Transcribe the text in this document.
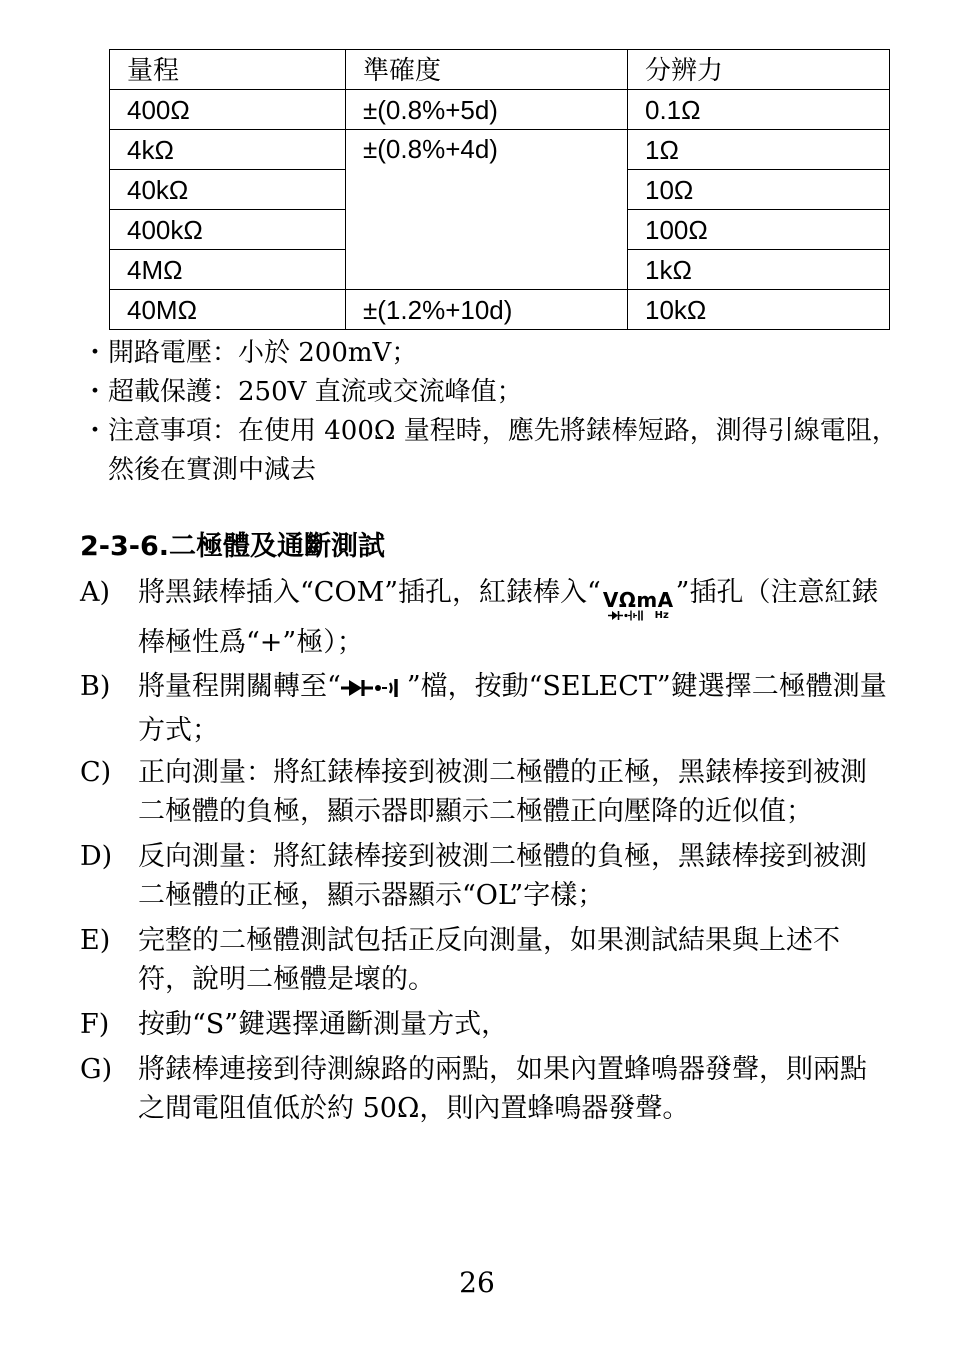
量程	準確度	分辨力
400Ω	±(0.8%+5d)	0.1Ω
4kΩ	±(0.8%+4d)	1Ω
40kΩ		10Ω
400kΩ		100Ω
4MΩ		1kΩ
40MΩ	±(1.2%+10d)	10kΩ
・ 開路電壓：小於 200mV；
・ 超載保護：250V 直流或交流峰值；
・ 注意事項：在使用 400Ω 量程時，應先將錶棒短路，測得引線電阻，然後在實測中減去
2-3-6.二極體及通斷測試
A)	將黑錶棒插入“COM”插孔，紅錶棒入“ VΩmA
Hz
”插孔（注意紅錶棒極性爲“+”極）；
B)	將量程開關轉至“ ”檔，按動“SELECT”鍵選擇二極體測量方式；
C) 正向測量：將紅錶棒接到被測二極體的正極，黑錶棒接到被測二極體的負極，顯示器即顯示二極體正向壓降的近似值；
D) 反向測量：將紅錶棒接到被測二極體的負極，黑錶棒接到被測二極體的正極，顯示器顯示“OL”字樣；
E)	完整的二極體測試包括正反向測量，如果測試結果與上述不符，說明二極體是壞的。
F)	按動“S”鍵選擇通斷測量方式，
G) 將錶棒連接到待測線路的兩點，如果內置蜂鳴器發聲，則兩點之間電阻值低於約 50Ω，則內置蜂鳴器發聲。
26
